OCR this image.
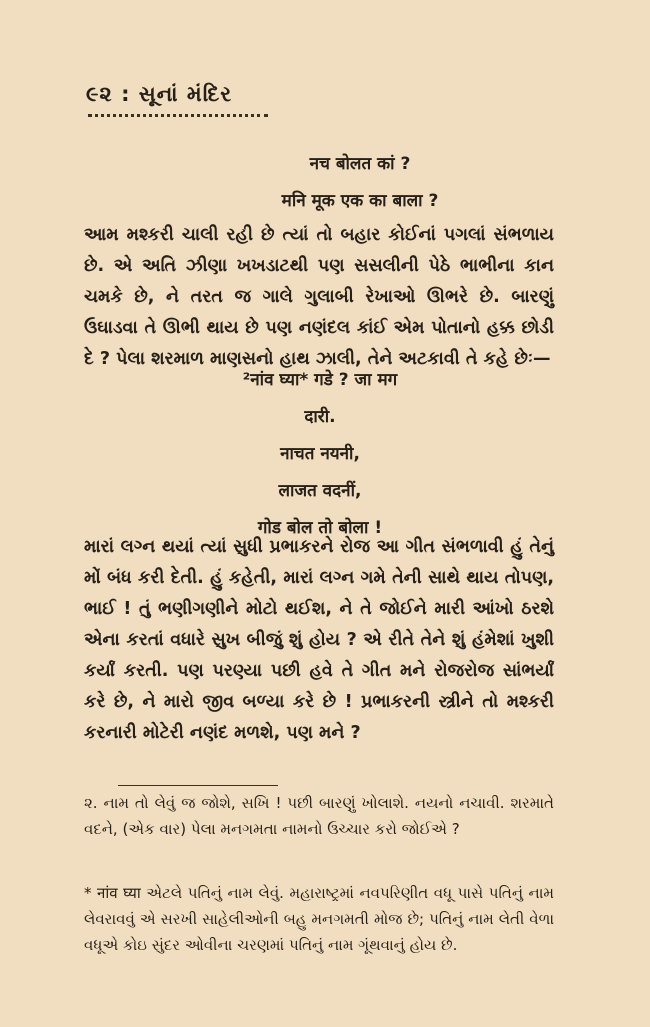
૯૨ : સૂનાં મંદિર
नच बोलत कां ?
मनि मूक एक का बाला ?
આમ મશ્કરી ચાલી રહી છે ત્યાં તો બહાર કોઈનાં પગલાં સંભળાય છે. એ અતિ ઝીણા ખખડાટથી પણ સસલીની પેઠે ભાભીના કાન ચમકે છે, ને તરત જ ગાલે ગુલાબી રેખાઓ ઊભરે છે. બારણું ઉઘાડવા તે ઊભી થાય છે પણ નણંદલ કાંઈ એમ પોતાનો હક્ક છોડી દે ? પેલા શરમાળ માણસનો હાથ ઝાલી, તેને અટકાવી તે કહે છેઃ—
²नांव घ्या* गडे ? जा मग दारी.
नाचत नयनी,
लाजत वदनीं,
गोड बोल तो बोला !
મારાં લગ્ન થયાં ત્યાં સુધી પ્રભાકરને રોજ આ ગીત સંભળાવી હું તેનું મોં બંધ કરી દેતી. હું કહેતી, મારાં લગ્ન ગમે તેની સાથે થાય તોપણ, ભાઈ ! તું ભણીગણીને મોટો થઈશ, ને તે જોઈને મારી આંખો ઠરશે એના કરતાં વધારે સુખ બીજું શું હોય ? એ રીતે તેને શું હંમેશાં ખુશી કર્યાં કરતી. પણ પરણ્યા પછી હવે તે ગીત મને રોજરોજ સાંભર્યાં કરે છે, ને મારો જીવ બળ્યા કરે છે ! પ્રભાકરની સ્ત્રીને તો મશ્કરી કરનારી મોટેરી નણંદ મળશે, પણ મને ?
૨. નામ તો લેવું જ જોશે, સખિ ! પછી બારણું ખોલાશે. નયનો નચાવી. શરમાતે વદને, (એક વાર) પેલા મનગમતા નામનો ઉચ્ચાર કરો જોઈએ ?
* नांव घ्या એટલે પતિનું નામ લેવું. મહારાષ્ટ્રમાં નવપરિણીત વધૂ પાસે પતિનું નામ લેવરાવવું એ સરખી સાહેલીઓની બહુ મનગમતી મોજ છે; પતિનું નામ લેતી વેળા વધૂએ કોઇ સુંદર ઓવીના ચરણમાં પતિનું નામ ગૂંથવાનું હોય છે.
